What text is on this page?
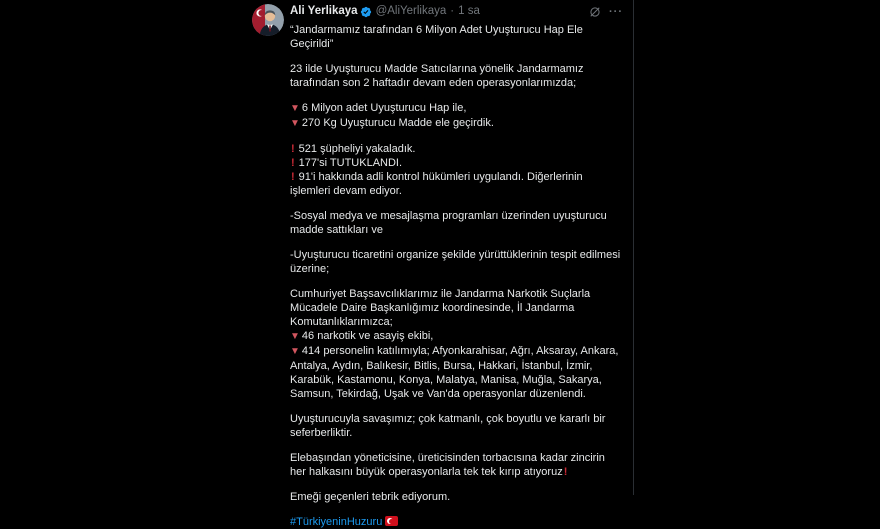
Ali Yerlikaya @AliYerlikaya · 1 sa	···

“Jandarmamız tarafından 6 Milyon Adet Uyuşturucu Hap Ele Geçirildi”

23 ilde Uyuşturucu Madde Satıcılarına yönelik Jandarmamız tarafından son 2 haftadır devam eden operasyonlarımızda;

▼ 6 Milyon adet Uyuşturucu Hap ile,
▼ 270 Kg Uyuşturucu Madde ele geçirdik.

! 521 şüpheliyi yakaladık.
! 177'si TUTUKLANDI.
! 91'i hakkında adli kontrol hükümleri uygulandı. Diğerlerinin işlemleri devam ediyor.

-Sosyal medya ve mesajlaşma programları üzerinden uyuşturucu madde sattıkları ve

-Uyuşturucu ticaretini organize şekilde yürüttüklerinin tespit edilmesi üzerine;

Cumhuriyet Başsavcılıklarımız ile Jandarma Narkotik Suçlarla Mücadele Daire Başkanlığımız koordinesinde, İl Jandarma Komutanlıklarımızca;
▼ 46 narkotik ve asayiş ekibi,
▼ 414 personelin katılımıyla; Afyonkarahisar, Ağrı, Aksaray, Ankara, Antalya, Aydın, Balıkesir, Bitlis, Bursa, Hakkari, İstanbul, İzmir, Karabük, Kastamonu, Konya, Malatya, Manisa, Muğla, Sakarya, Samsun, Tekirdağ, Uşak ve Van'da operasyonlar düzenlendi.

Uyuşturucuyla savaşımız; çok katmanlı, çok boyutlu ve kararlı bir seferberliktir.

Elebaşından yöneticisine, üreticisinden torbacısına kadar zincirin her halkasını büyük operasyonlarla tek tek kırıp atıyoruz!

Emeği geçenleri tebrik ediyorum.

#TürkiyeninHuzuru
